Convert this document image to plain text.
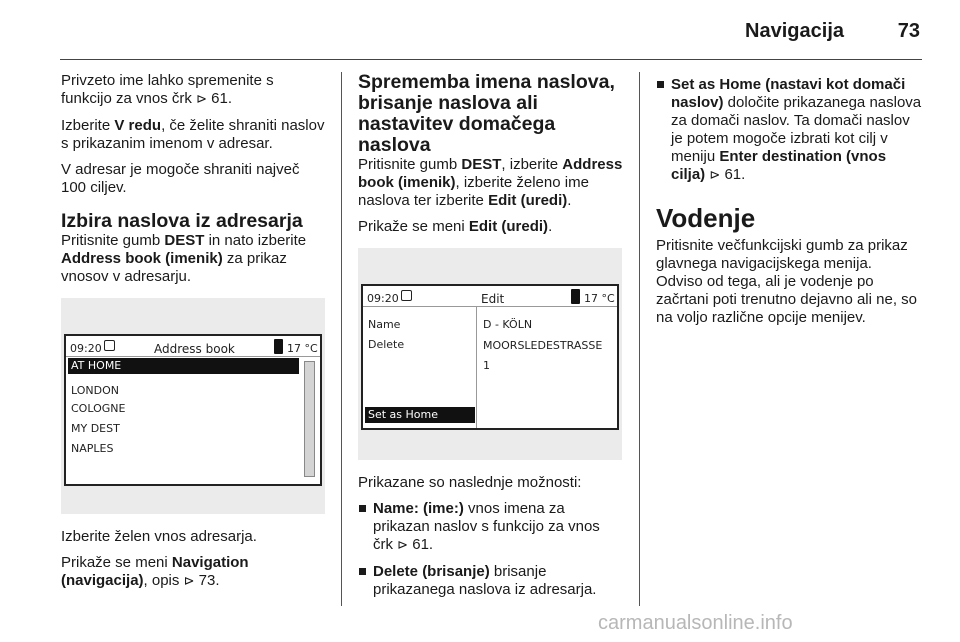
Navigacija	73

Privzeto ime lahko spremenite s funkcijo za vnos črk ⊳ 61.

Izberite V redu, če želite shraniti naslov s prikazanim imenom v adresar.

V adresar je mogoče shraniti največ 100 ciljev.

Izbira naslova iz adresarja

Pritisnite gumb DEST in nato izberite Address book (imenik) za prikaz vnosov v adresarju.

09:20	Address book	17 °C
AT HOME
LONDON
COLOGNE
MY DEST
NAPLES

Izberite želen vnos adresarja.

Prikaže se meni Navigation (navigacija), opis ⊳ 73.

Sprememba imena naslova, brisanje naslova ali nastavitev domačega naslova

Pritisnite gumb DEST, izberite Address book (imenik), izberite želeno ime naslova ter izberite Edit (uredi).

Prikaže se meni Edit (uredi).

09:20	Edit	17 °C
Name
Delete
Set as Home
D - KÖLN
MOORSLEDESTRASSE
1

Prikazane so naslednje možnosti:

Name: (ime:) vnos imena za prikazan naslov s funkcijo za vnos črk ⊳ 61.
Delete (brisanje) brisanje prikazanega naslova iz adresarja.
Set as Home (nastavi kot domači naslov) določite prikazanega naslova za domači naslov. Ta domači naslov je potem mogoče izbrati kot cilj v meniju Enter destination (vnos cilja) ⊳ 61.
Vodenje

Pritisnite večfunkcijski gumb za prikaz glavnega navigacijskega menija. Odviso od tega, ali je vodenje po začrtani poti trenutno dejavno ali ne, so na voljo različne opcije menijev.

carmanualsonline.info
